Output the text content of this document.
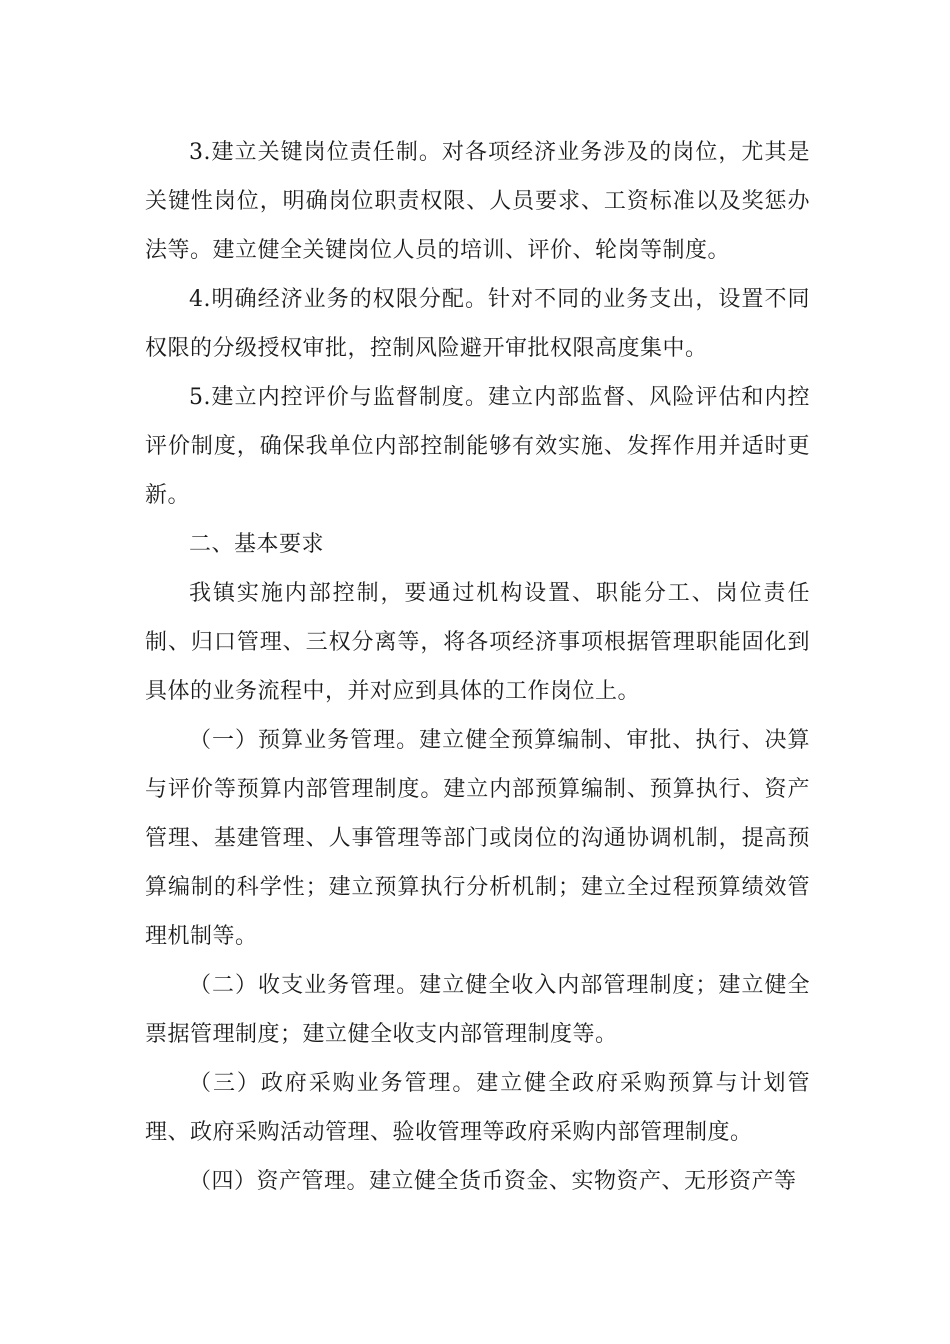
3.建立关键岗位责任制。对各项经济业务涉及的岗位，尤其是关键性岗位，明确岗位职责权限、人员要求、工资标准以及奖惩办法等。建立健全关键岗位人员的培训、评价、轮岗等制度。

4.明确经济业务的权限分配。针对不同的业务支出，设置不同权限的分级授权审批，控制风险避开审批权限高度集中。

5.建立内控评价与监督制度。建立内部监督、风险评估和内控评价制度，确保我单位内部控制能够有效实施、发挥作用并适时更新。

二、基本要求

我镇实施内部控制，要通过机构设置、职能分工、岗位责任制、归口管理、三权分离等，将各项经济事项根据管理职能固化到具体的业务流程中，并对应到具体的工作岗位上。

（一）预算业务管理。建立健全预算编制、审批、执行、决算与评价等预算内部管理制度。建立内部预算编制、预算执行、资产管理、基建管理、人事管理等部门或岗位的沟通协调机制，提高预算编制的科学性；建立预算执行分析机制；建立全过程预算绩效管理机制等。

（二）收支业务管理。建立健全收入内部管理制度；建立健全票据管理制度；建立健全收支内部管理制度等。

（三）政府采购业务管理。建立健全政府采购预算与计划管理、政府采购活动管理、验收管理等政府采购内部管理制度。

（四）资产管理。建立健全货币资金、实物资产、无形资产等
